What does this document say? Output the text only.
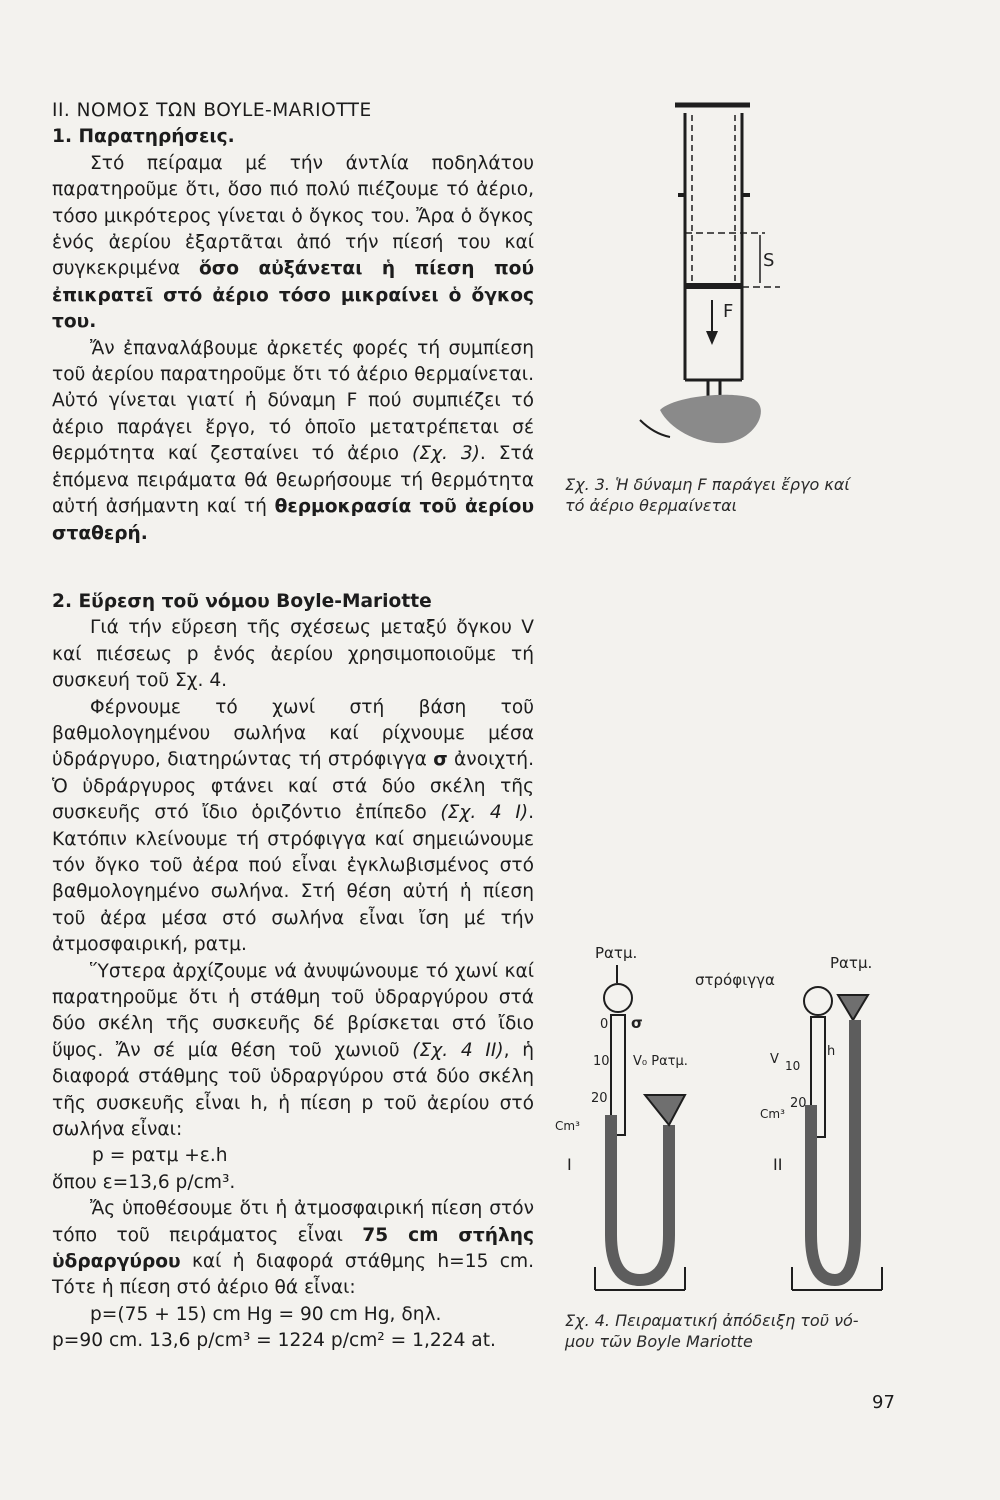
II. ΝΟΜΟΣ ΤΩΝ BOYLE-MARIOTTE

1. Παρατηρήσεις.

Στό πείραμα μέ τήν άντλία ποδηλάτου παρατηροῦμε ὅτι, ὅσο πιό πολύ πιέζουμε τό ἀέριο, τόσο μικρότερος γίνεται ὁ ὄγκος του. Ἄρα ὁ ὄγκος ἑνός ἀερίου ἐξαρτᾶται ἀπό τήν πίεσή του καί συγκεκριμένα ὅσο αὐξάνεται ἡ πίεση πού ἐπικρατεῖ στό ἀέριο τόσο μικραίνει ὁ ὄγκος του.

Ἄν ἐπαναλάβουμε ἀρκετές φορές τή συμπίεση τοῦ ἀερίου παρατηροῦμε ὅτι τό ἀέριο θερμαίνεται. Αὐτό γίνεται γιατί ἡ δύναμη F πού συμπιέζει τό ἀέριο παράγει ἔργο, τό ὁποῖο μετατρέπεται σέ θερμότητα καί ζεσταίνει τό ἀέριο (Σχ. 3). Στά ἑπόμενα πειράματα θά θεωρήσουμε τή θερμότητα αὐτή ἀσήμαντη καί τή θερμοκρασία τοῦ ἀερίου σταθερή.

2. Εὕρεση τοῦ νόμου Boyle-Mariotte

Γιά τήν εὕρεση τῆς σχέσεως μεταξύ ὄγκου V καί πιέσεως p ἑνός ἀερίου χρησιμοποιοῦμε τή συσκευή τοῦ Σχ. 4.

Φέρνουμε τό χωνί στή βάση τοῦ βαθμολογημένου σωλήνα καί ρίχνουμε μέσα ὑδράργυρο, διατηρώντας τή στρόφιγγα σ ἀνοιχτή. Ὁ ὑδράργυρος φτάνει καί στά δύο σκέλη τῆς συσκευῆς στό ἴδιο ὁριζόντιο ἐπίπεδο (Σχ. 4 I). Κατόπιν κλείνουμε τή στρόφιγγα καί σημειώνουμε τόν ὄγκο τοῦ ἀέρα πού εἶναι ἐγκλωβισμένος στό βαθμολογημένο σωλήνα. Στή θέση αὐτή ἡ πίεση τοῦ ἀέρα μέσα στό σωλήνα εἶναι ἴση μέ τήν ἀτμοσφαιρική, pατμ.

Ὕστερα ἀρχίζουμε νά ἀνυψώνουμε τό χωνί καί παρατηροῦμε ὅτι ἡ στάθμη τοῦ ὑδραργύρου στά δύο σκέλη τῆς συσκευῆς δέ βρίσκεται στό ἴδιο ὕψος. Ἄν σέ μία θέση τοῦ χωνιοῦ (Σχ. 4 II), ἡ διαφορά στάθμης τοῦ ὑδραργύρου στά δύο σκέλη τῆς συσκευῆς εἶναι h, ἡ πίεση p τοῦ ἀερίου στό σωλήνα εἶναι:

p = pατμ +ε.h

ὅπου ε=13,6 p/cm³.

Ἄς ὑποθέσουμε ὅτι ἡ ἀτμοσφαιρική πίεση στόν τόπο τοῦ πειράματος εἶναι 75 cm στήλης ὑδραργύρου καί ἡ διαφορά στάθμης h=15 cm. Τότε ἡ πίεση στό ἀέριο θά εἶναι:

p=(75 + 15) cm Hg = 90 cm Hg, δηλ.

p=90 cm. 13,6 p/cm³ = 1224 p/cm² = 1,224 at.

S
F
Σχ. 3. Ἡ δύναμη F παράγει ἔργο καί
τό ἀέριο θερμαίνεται
Pατμ.
0 σ
10
20
V₀ Pατμ.
Cm³
I
στρόφιγγα
Pατμ.
h
V 10
20
Cm³
II
Σχ. 4. Πειραματική ἀπόδειξη τοῦ νό-
μου τῶν Boyle Mariotte
97
